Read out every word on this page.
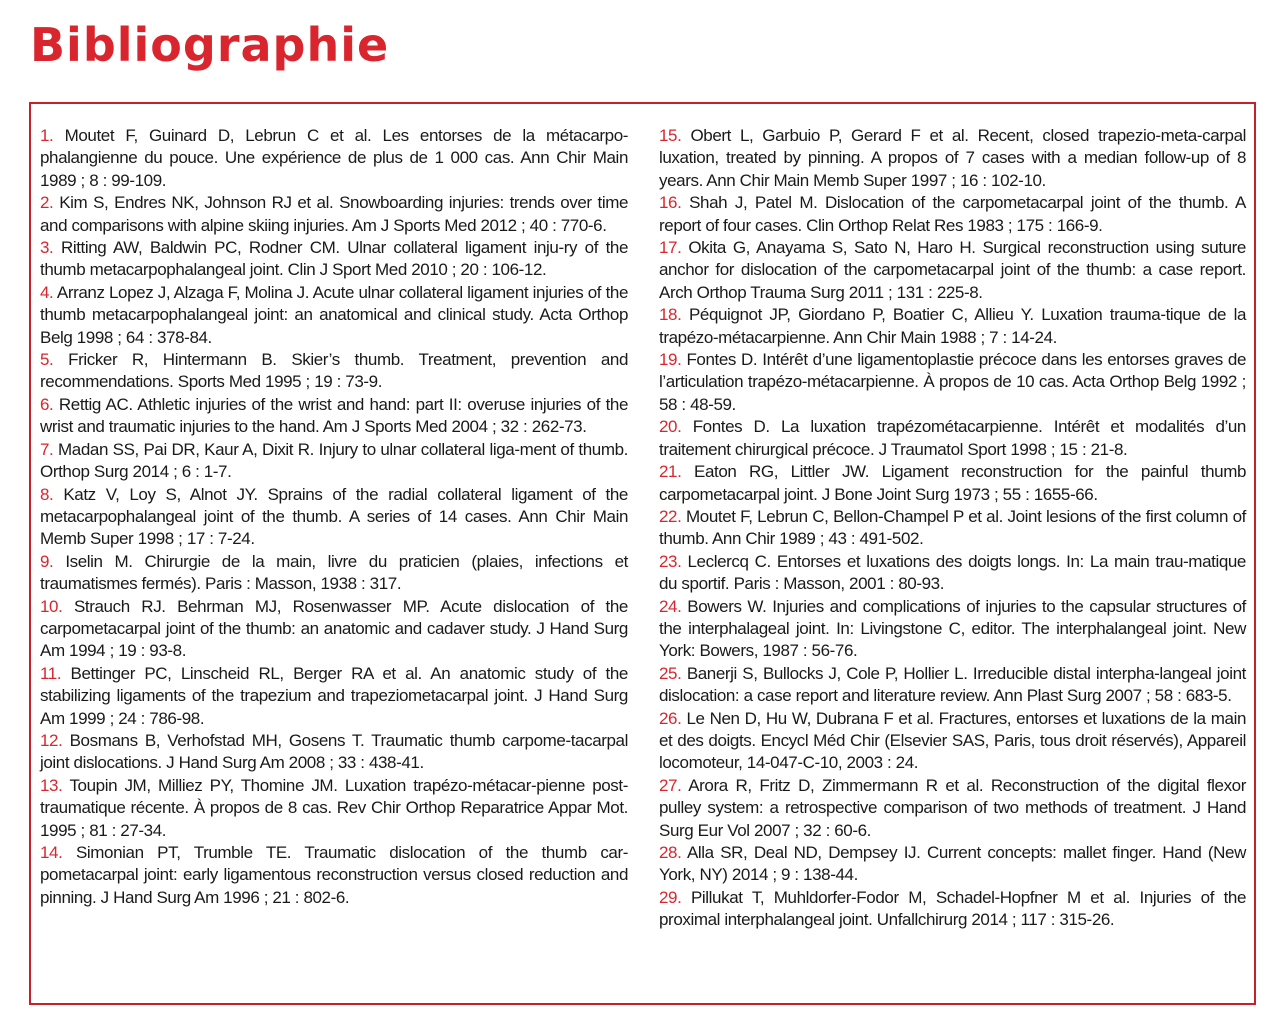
Bibliographie

1. Moutet F, Guinard D, Lebrun C et al. Les entorses de la métacarpo-phalangienne du pouce. Une expérience de plus de 1 000 cas. Ann Chir Main 1989 ; 8 : 99-109.

2. Kim S, Endres NK, Johnson RJ et al. Snowboarding injuries: trends over time and comparisons with alpine skiing injuries. Am J Sports Med 2012 ; 40 : 770-6.

3. Ritting AW, Baldwin PC, Rodner CM. Ulnar collateral ligament inju-ry of the thumb metacarpophalangeal joint. Clin J Sport Med 2010 ; 20 : 106-12.

4. Arranz Lopez J, Alzaga F, Molina J. Acute ulnar collateral ligament injuries of the thumb metacarpophalangeal joint: an anatomical and clinical study. Acta Orthop Belg 1998 ; 64 : 378-84.

5. Fricker R, Hintermann B. Skier’s thumb. Treatment, prevention and recommendations. Sports Med 1995 ; 19 : 73-9.

6. Rettig AC. Athletic injuries of the wrist and hand: part II: overuse injuries of the wrist and traumatic injuries to the hand. Am J Sports Med 2004 ; 32 : 262-73.

7. Madan SS, Pai DR, Kaur A, Dixit R. Injury to ulnar collateral liga-ment of thumb. Orthop Surg 2014 ; 6 : 1-7.

8. Katz V, Loy S, Alnot JY. Sprains of the radial collateral ligament of the metacarpophalangeal joint of the thumb. A series of 14 cases. Ann Chir Main Memb Super 1998 ; 17 : 7-24.

9. Iselin M. Chirurgie de la main, livre du praticien (plaies, infections et traumatismes fermés). Paris : Masson, 1938 : 317.

10. Strauch RJ. Behrman MJ, Rosenwasser MP. Acute dislocation of the carpometacarpal joint of the thumb: an anatomic and cadaver study. J Hand Surg Am 1994 ; 19 : 93-8.

11. Bettinger PC, Linscheid RL, Berger RA et al. An anatomic study of the stabilizing ligaments of the trapezium and trapeziometacarpal joint. J Hand Surg Am 1999 ; 24 : 786-98.

12. Bosmans B, Verhofstad MH, Gosens T. Traumatic thumb carpome-tacarpal joint dislocations. J Hand Surg Am 2008 ; 33 : 438-41.

13. Toupin JM, Milliez PY, Thomine JM. Luxation trapézo-métacar-pienne post-traumatique récente. À propos de 8 cas. Rev Chir Orthop Reparatrice Appar Mot. 1995 ; 81 : 27-34.

14. Simonian PT, Trumble TE. Traumatic dislocation of the thumb car-pometacarpal joint: early ligamentous reconstruction versus closed reduction and pinning. J Hand Surg Am 1996 ; 21 : 802-6.

15. Obert L, Garbuio P, Gerard F et al. Recent, closed trapezio-meta-carpal luxation, treated by pinning. A propos of 7 cases with a median follow-up of 8 years. Ann Chir Main Memb Super 1997 ; 16 : 102-10.

16. Shah J, Patel M. Dislocation of the carpometacarpal joint of the thumb. A report of four cases. Clin Orthop Relat Res 1983 ; 175 : 166-9.

17. Okita G, Anayama S, Sato N, Haro H. Surgical reconstruction using suture anchor for dislocation of the carpometacarpal joint of the thumb: a case report. Arch Orthop Trauma Surg 2011 ; 131 : 225-8.

18. Péquignot JP, Giordano P, Boatier C, Allieu Y. Luxation trauma-tique de la trapézo-métacarpienne. Ann Chir Main 1988 ; 7 : 14-24.

19. Fontes D. Intérêt d’une ligamentoplastie précoce dans les entorses graves de l’articulation trapézo-métacarpienne. À propos de 10 cas. Acta Orthop Belg 1992 ; 58 : 48-59.

20. Fontes D. La luxation trapézométacarpienne. Intérêt et modalités d’un traitement chirurgical précoce. J Traumatol Sport 1998 ; 15 : 21-8.

21. Eaton RG, Littler JW. Ligament reconstruction for the painful thumb carpometacarpal joint. J Bone Joint Surg 1973 ; 55 : 1655-66.

22. Moutet F, Lebrun C, Bellon-Champel P et al. Joint lesions of the first column of thumb. Ann Chir 1989 ; 43 : 491-502.

23. Leclercq C. Entorses et luxations des doigts longs. In: La main trau-matique du sportif. Paris : Masson, 2001 : 80-93.

24. Bowers W. Injuries and complications of injuries to the capsular structures of the interphalageal joint. In: Livingstone C, editor. The interphalangeal joint. New York: Bowers, 1987 : 56-76.

25. Banerji S, Bullocks J, Cole P, Hollier L. Irreducible distal interpha-langeal joint dislocation: a case report and literature review. Ann Plast Surg 2007 ; 58 : 683-5.

26. Le Nen D, Hu W, Dubrana F et al. Fractures, entorses et luxations de la main et des doigts. Encycl Méd Chir (Elsevier SAS, Paris, tous droit réservés), Appareil locomoteur, 14-047-C-10, 2003 : 24.

27. Arora R, Fritz D, Zimmermann R et al. Reconstruction of the digital flexor pulley system: a retrospective comparison of two methods of treatment. J Hand Surg Eur Vol 2007 ; 32 : 60-6.

28. Alla SR, Deal ND, Dempsey IJ. Current concepts: mallet finger. Hand (New York, NY) 2014 ; 9 : 138-44.

29. Pillukat T, Muhldorfer-Fodor M, Schadel-Hopfner M et al. Injuries of the proximal interphalangeal joint. Unfallchirurg 2014 ; 117 : 315-26.
